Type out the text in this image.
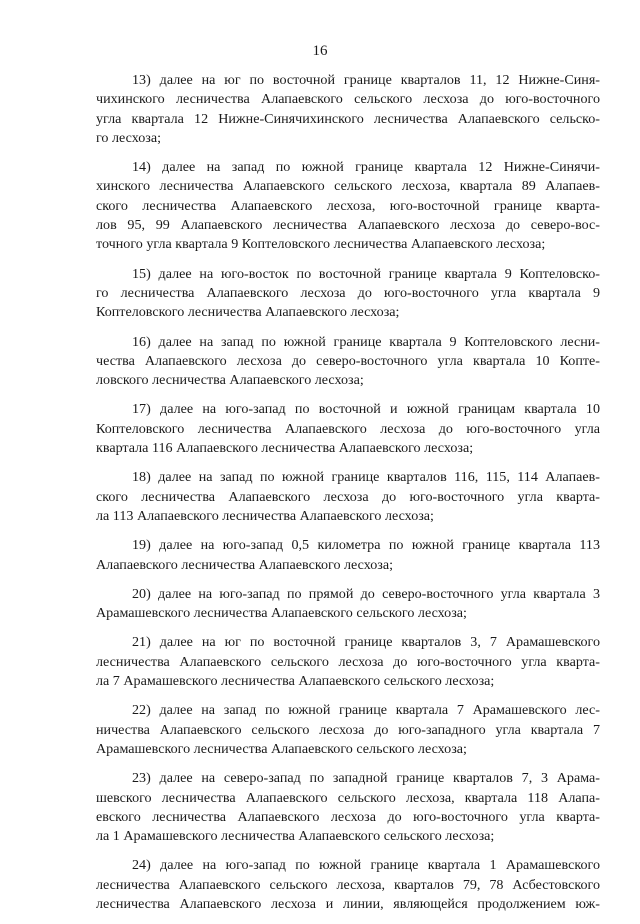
16
13) далее на юг по восточной границе кварталов 11, 12 Нижне-Синя-
чихинского лесничества Алапаевского сельского лесхоза до юго-восточного
угла квартала 12 Нижне-Синячихинского лесничества Алапаевского сельско-
го лесхоза;
14) далее на запад по южной границе квартала 12 Нижне-Синячи-
хинского лесничества Алапаевского сельского лесхоза, квартала 89 Алапаев-
ского лесничества Алапаевского лесхоза, юго-восточной границе кварта-
лов 95, 99 Алапаевского лесничества Алапаевского лесхоза до северо-вос-
точного угла квартала 9 Коптеловского лесничества Алапаевского лесхоза;
15) далее на юго-восток по восточной границе квартала 9 Коптеловско-
го лесничества Алапаевского лесхоза до юго-восточного угла квартала 9
Коптеловского лесничества Алапаевского лесхоза;
16) далее на запад по южной границе квартала 9 Коптеловского лесни-
чества Алапаевского лесхоза до северо-восточного угла квартала 10 Копте-
ловского лесничества Алапаевского лесхоза;
17) далее на юго-запад по восточной и южной границам квартала 10
Коптеловского лесничества Алапаевского лесхоза до юго-восточного угла
квартала 116 Алапаевского лесничества Алапаевского лесхоза;
18) далее на запад по южной границе кварталов 116, 115, 114 Алапаев-
ского лесничества Алапаевского лесхоза до юго-восточного угла кварта-
ла 113 Алапаевского лесничества Алапаевского лесхоза;
19) далее на юго-запад 0,5 километра по южной границе квартала 113
Алапаевского лесничества Алапаевского лесхоза;
20) далее на юго-запад по прямой до северо-восточного угла квартала 3
Арамашевского лесничества Алапаевского сельского лесхоза;
21) далее на юг по восточной границе кварталов 3, 7 Арамашевского
лесничества Алапаевского сельского лесхоза до юго-восточного угла кварта-
ла 7 Арамашевского лесничества Алапаевского сельского лесхоза;
22) далее на запад по южной границе квартала 7 Арамашевского лес-
ничества Алапаевского сельского лесхоза до юго-западного угла квартала 7
Арамашевского лесничества Алапаевского сельского лесхоза;
23) далее на северо-запад по западной границе кварталов 7, 3 Арама-
шевского лесничества Алапаевского сельского лесхоза, квартала 118 Алапа-
евского лесничества Алапаевского лесхоза до юго-восточного угла кварта-
ла 1 Арамашевского лесничества Алапаевского сельского лесхоза;
24) далее на юго-запад по южной границе квартала 1 Арамашевского
лесничества Алапаевского сельского лесхоза, кварталов 79, 78 Асбестовского
лесничества Алапаевского лесхоза и линии, являющейся продолжением юж-
